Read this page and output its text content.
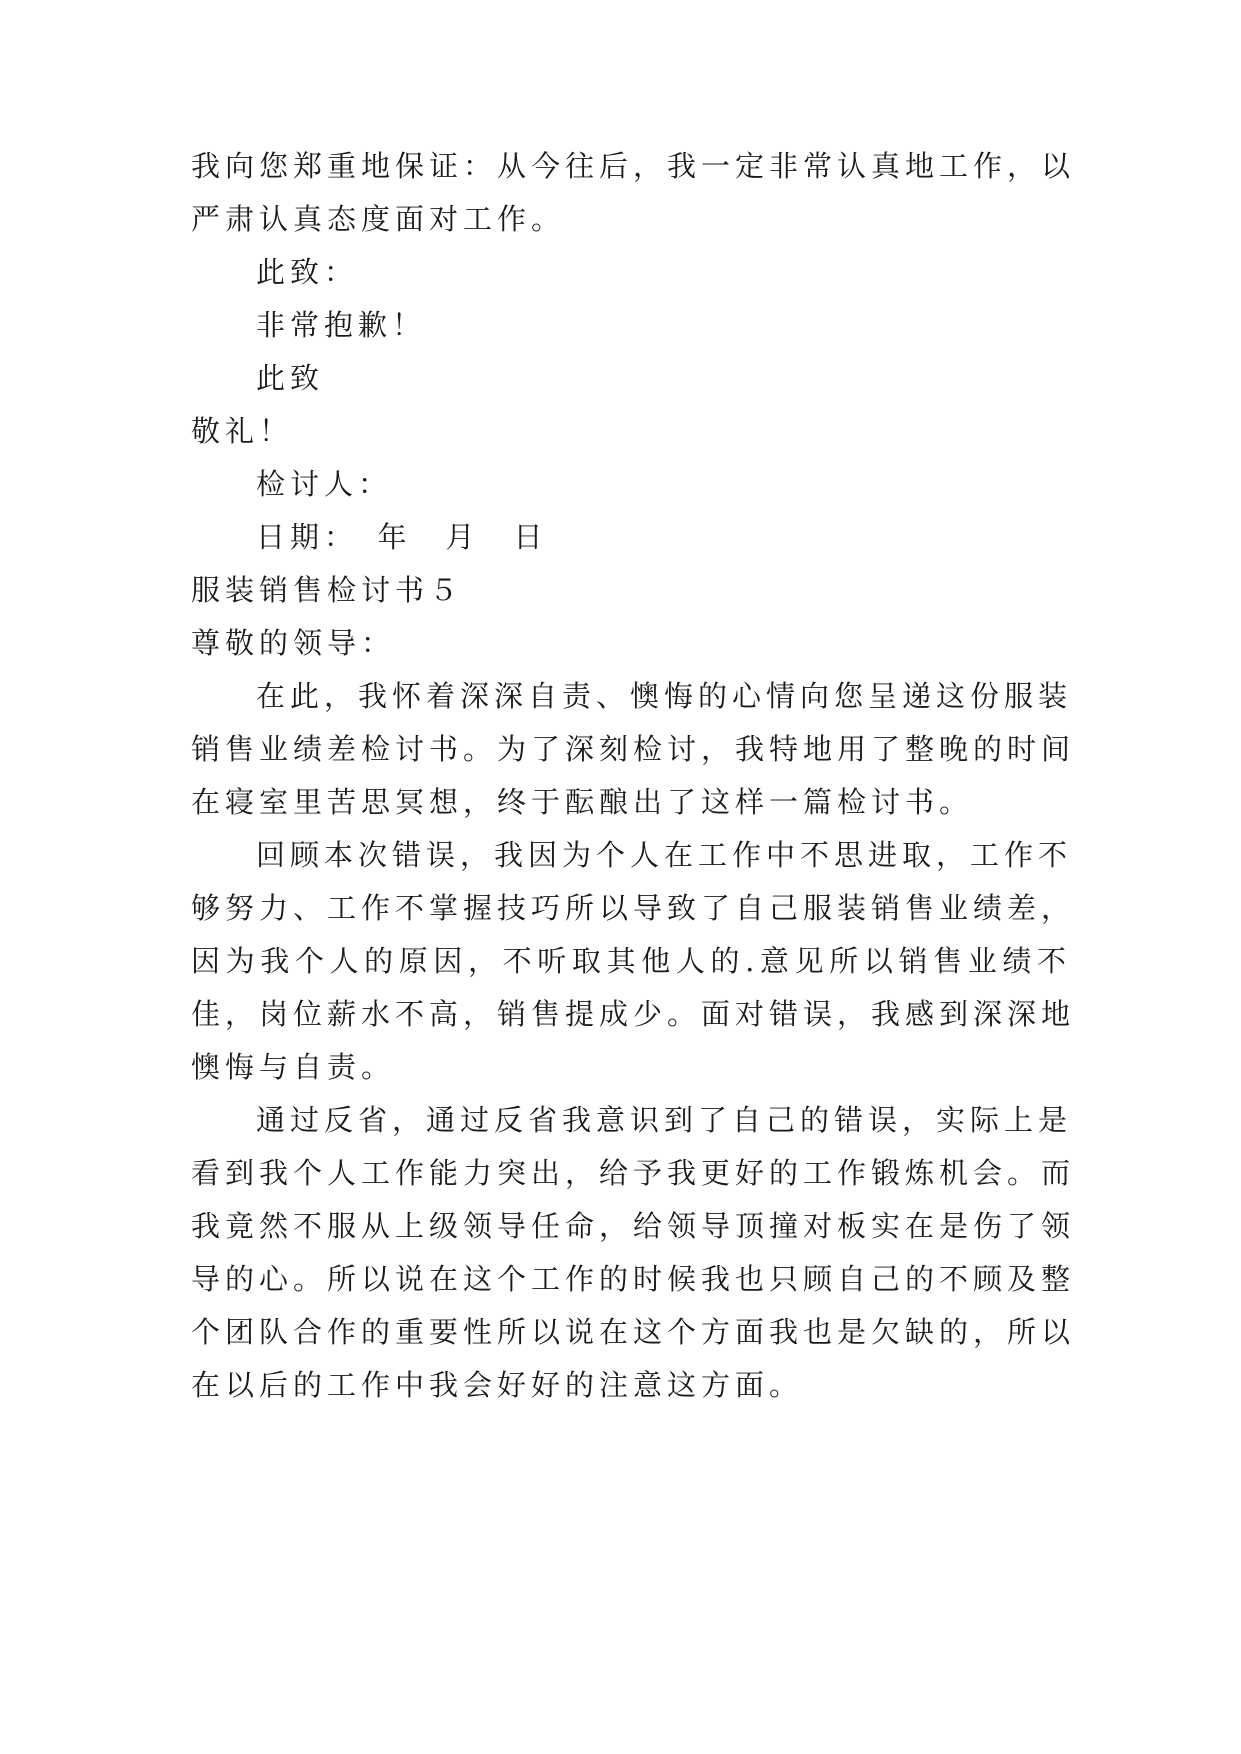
我向您郑重地保证：从今往后，我一定非常认真地工作，以
严肃认真态度面对工作。
此致：
非常抱歉！
此致
敬礼！
检讨人：
日期：　年　月　日
服装销售检讨书５
尊敬的领导：
在此，我怀着深深自责、懊悔的心情向您呈递这份服装
销售业绩差检讨书。为了深刻检讨，我特地用了整晚的时间
在寝室里苦思冥想，终于酝酿出了这样一篇检讨书。
回顾本次错误，我因为个人在工作中不思进取，工作不
够努力、工作不掌握技巧所以导致了自己服装销售业绩差，
因为我个人的原因，不听取其他人的.意见所以销售业绩不
佳，岗位薪水不高，销售提成少。面对错误，我感到深深地
懊悔与自责。
通过反省，通过反省我意识到了自己的错误，实际上是
看到我个人工作能力突出，给予我更好的工作锻炼机会。而
我竟然不服从上级领导任命，给领导顶撞对板实在是伤了领
导的心。所以说在这个工作的时候我也只顾自己的不顾及整
个团队合作的重要性所以说在这个方面我也是欠缺的，所以
在以后的工作中我会好好的注意这方面。
